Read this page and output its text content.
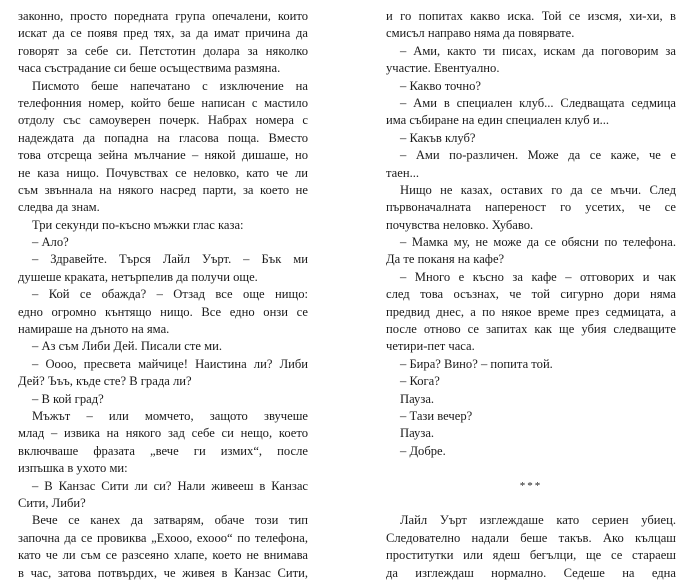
законно, просто поредната група опечалени, които
искат да се появя пред тях, за да имат причина да
говорят за себе си. Петстотин долара за няколко
часа състрадание си беше осъществима размяна.
Писмото беше напечатано с изключение на
телефонния номер, който беше написан с мастило
отдолу със самоуверен почерк. Набрах номера с
надеждата да попадна на гласова поща. Вместо
това отсреща зейна мълчание – някой дишаше, но
не каза нищо. Почувствах се неловко, като че ли
съм звъннала на някого насред парти, за което не
следва да знам.
Три секунди по-късно мъжки глас каза:
– Ало?
– Здравейте. Търся Лайл Уърт. – Бък ми
душеше краката, нетърпелив да получи още.
– Кой се обажда? – Отзад все още нищо:
едно огромно кънтящо нищо. Все едно онзи се
намираше на дъното на яма.
– Аз съм Либи Дей. Писали сте ми.
– Оооо, пресвета майчице! Наистина ли? Либи
Дей? Ъъъ, къде сте? В града ли?
– В кой град?
Мъжът – или момчето, защото звучеше
млад – извика на някого зад себе си нещо, което
включваше фразата „вече ги измих“, после
изпъшка в ухото ми:
– В Канзас Сити ли си? Нали живееш в Канзас
Сити, Либи?
Вече се канех да затварям, обаче този тип
започна да се провиква „Ехооо, ехооо“ по телефона,
като че ли съм се разсеяно хлапе, което не внимава
в час, затова потвърдих, че живея в Канзас Сити,
и го попитах какво иска. Той се изсмя, хи-хи, в
смисъл направо няма да повярвате.
– Ами, както ти писах, искам да поговорим за
участие. Евентуално.
– Какво точно?
– Ами в специален клуб... Следващата седмица
има събиране на един специален клуб и...
– Какъв клуб?
– Ами по-различен. Може да се каже, че е
таен...
Нищо не казах, оставих го да се мъчи. След
първоначалната напереност го усетих, че се
почувства неловко. Хубаво.
– Мамка му, не може да се обясни по телефона.
Да те поканя на кафе?
– Много е късно за кафе – отговорих и чак
след това осъзнах, че той сигурно дори няма
предвид днес, а по някое време през седмицата, а
после отново се запитах как ще убия следващите
четири-пет часа.
– Бира? Вино? – попита той.
– Кога?
Пауза.
– Тази вечер?
Пауза.
– Добре.
***
Лайл Уърт изглеждаше като сериен убиец.
Следователно надали беше такъв. Ако кълцаш
проститутки или ядеш бегълци, ще се стараеш
да изглеждаш нормално. Седеше на една
